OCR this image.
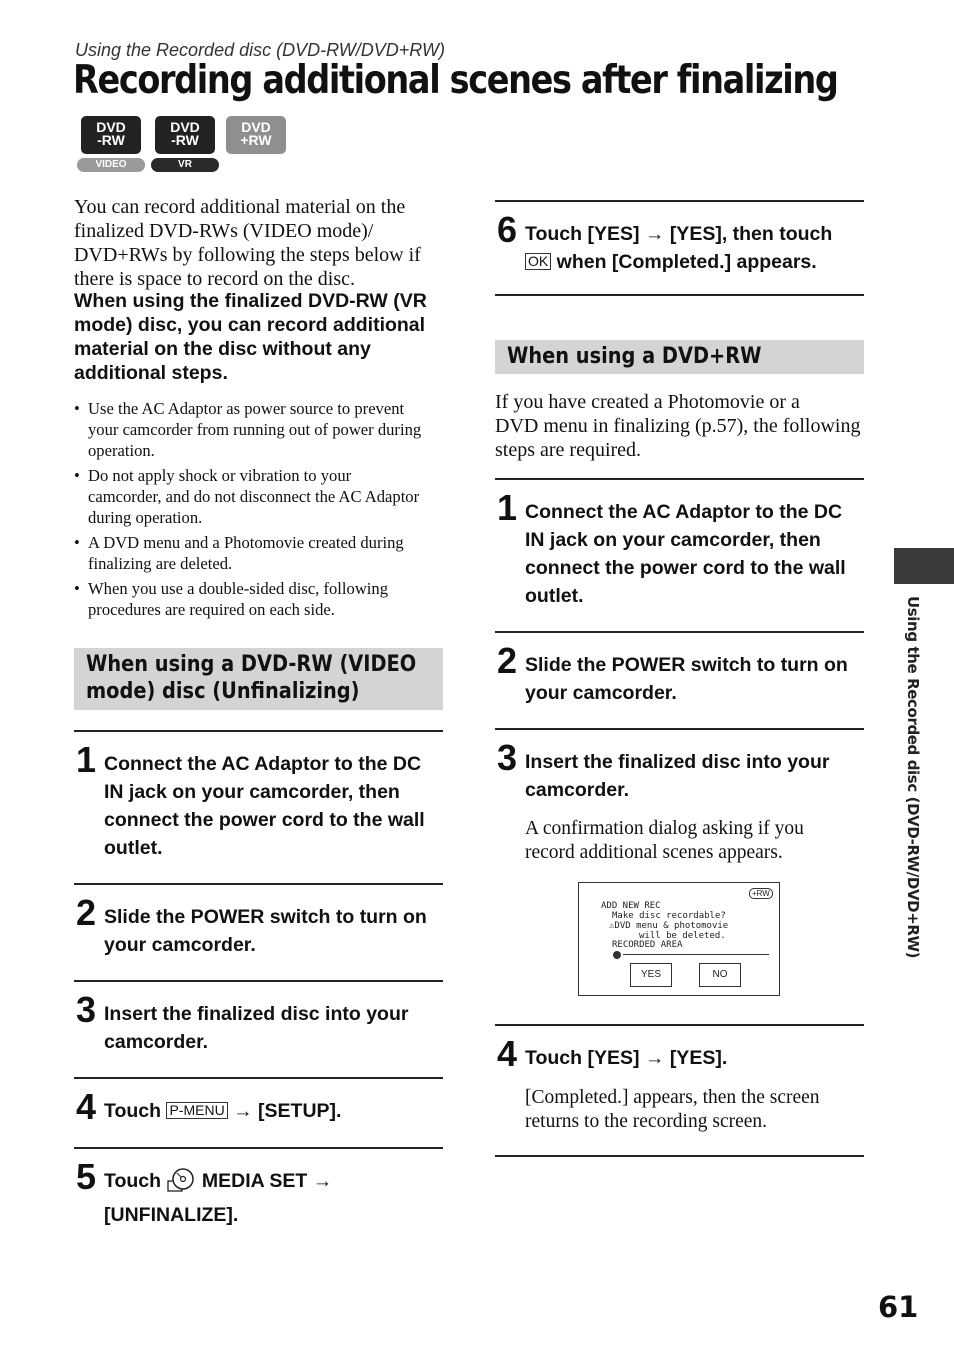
Using the Recorded disc (DVD-RW/DVD+RW)
Recording additional scenes after finalizing
DVD
-RW
VIDEO
DVD
-RW
VR
DVD
+RW
You can record additional material on the
finalized DVD-RWs (VIDEO mode)/
DVD+RWs by following the steps below if
there is space to record on the disc.
When using the finalized DVD-RW (VR
mode) disc, you can record additional
material on the disc without any
additional steps.
• Use the AC Adaptor as power source to prevent
your camcorder from running out of power during
operation.
• Do not apply shock or vibration to your
camcorder, and do not disconnect the AC Adaptor
during operation.
• A DVD menu and a Photomovie created during
finalizing are deleted.
• When you use a double-sided disc, following
procedures are required on each side.
When using a DVD-RW (VIDEO
mode) disc (Unfinalizing)
1 Connect the AC Adaptor to the DC
IN jack on your camcorder, then
connect the power cord to the wall
outlet.
2 Slide the POWER switch to turn on
your camcorder.
3 Insert the finalized disc into your
camcorder.
4 Touch P-MENU → [SETUP].
5 Touch MEDIA SET →
[UNFINALIZE].
6 Touch [YES] → [YES], then touch
OK when [Completed.] appears.
When using a DVD+RW
If you have created a Photomovie or a
DVD menu in finalizing (p.57), the following
steps are required.
1 Connect the AC Adaptor to the DC
IN jack on your camcorder, then
connect the power cord to the wall
outlet.
2 Slide the POWER switch to turn on
your camcorder.
3 Insert the finalized disc into your
camcorder.
A confirmation dialog asking if you
record additional scenes appears.
+RW
ADD NEW REC
Make disc recordable?
⚠DVD menu & photomovie
will be deleted.
RECORDED AREA
YES	NO
4 Touch [YES] → [YES].
[Completed.] appears, then the screen
returns to the recording screen.
Using the Recorded disc (DVD-RW/DVD+RW)
61
